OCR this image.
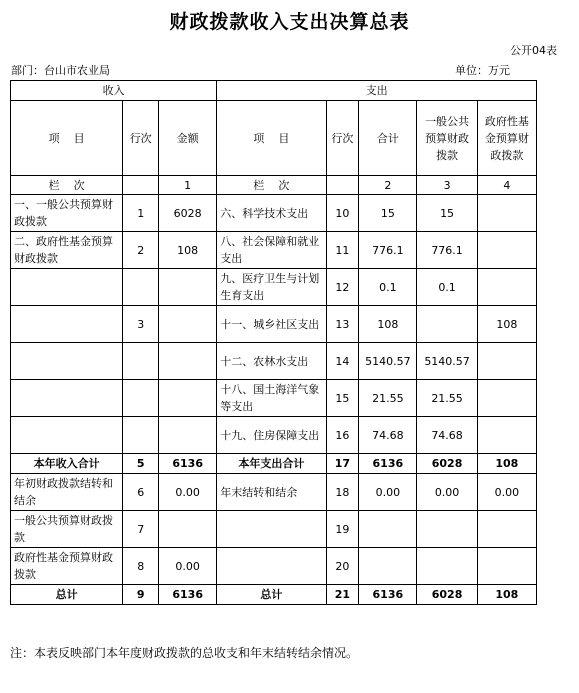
财政拨款收入支出决算总表
公开04表
部门：台山市农业局	单位：万元
收入			支出				
项    目	行次	金额	项    目	行次	合计	一般公共预算财政拨款	政府性基金预算财政拨款
栏    次		1	栏    次		2	3	4
一、一般公共预算财政拨款	1	6028	六、科学技术支出	10	15	15	
二、政府性基金预算财政拨款	2	108	八、社会保障和就业支出	11	776.1	776.1	
			九、医疗卫生与计划生育支出	12	0.1	0.1	
	3		十一、城乡社区支出	13	108		108
			十二、农林水支出	14	5140.57	5140.57	
			十八、国土海洋气象等支出	15	21.55	21.55	
			十九、住房保障支出	16	74.68	74.68	
本年收入合计	5	6136	本年支出合计	17	6136	6028	108
年初财政拨款结转和结余	6	0.00	年末结转和结余	18	0.00	0.00	0.00
一般公共预算财政拨款	7			19			
政府性基金预算财政拨款	8	0.00		20			
总计	9	6136	总计	21	6136	6028	108
注：本表反映部门本年度财政拨款的总收支和年末结转结余情况。
